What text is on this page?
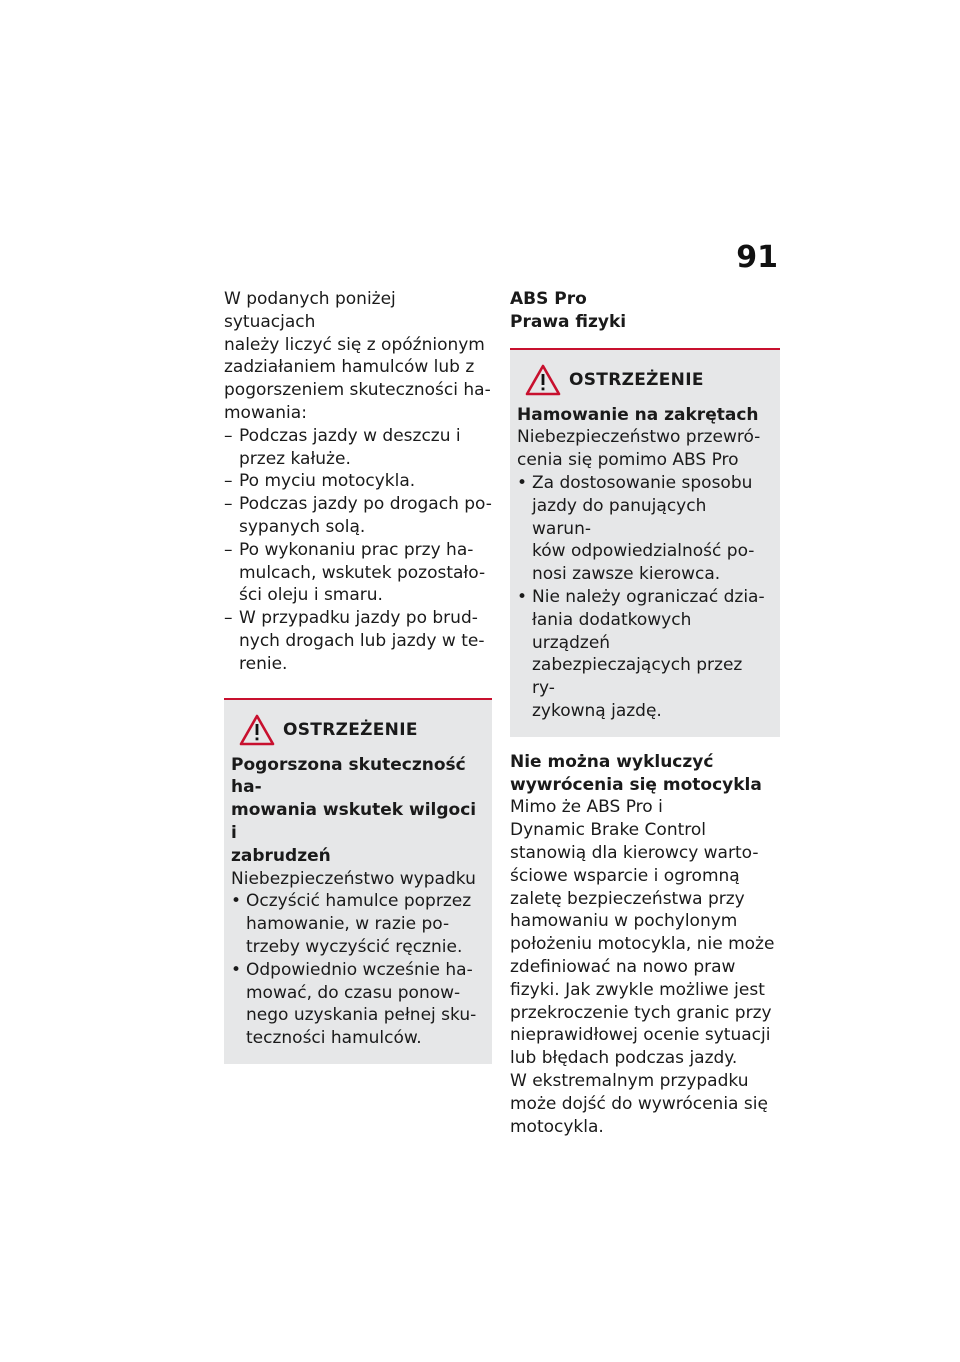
91

W podanych poniżej sytuacjach
należy liczyć się z opóźnionym
zadziałaniem hamulców lub z
pogorszeniem skuteczności ha-
mowania:

– Podczas jazdy w deszczu i
przez kałuże.
– Po myciu motocykla.
– Podczas jazdy po drogach po-
sypanych solą.
– Po wykonaniu prac przy ha-
mulcach, wskutek pozostało-
ści oleju i smaru.
– W przypadku jazdy po brud-
nych drogach lub jazdy w te-
renie.
OSTRZEŻENIE

Pogorszona skuteczność ha-
mowania wskutek wilgoci i
zabrudzeń

Niebezpieczeństwo wypadku

• Oczyścić hamulce poprzez
hamowanie, w razie po-
trzeby wyczyścić ręcznie.
• Odpowiednio wcześnie ha-
mować, do czasu ponow-
nego uzyskania pełnej sku-
teczności hamulców.

ABS Pro
Prawa fizyki

OSTRZEŻENIE

Hamowanie na zakrętach

Niebezpieczeństwo przewró-
cenia się pomimo ABS Pro

• Za dostosowanie sposobu
jazdy do panujących warun-
ków odpowiedzialność po-
nosi zawsze kierowca.
• Nie należy ograniczać dzia-
łania dodatkowych urządzeń
zabezpieczających przez ry-
zykowną jazdę.

Nie można wykluczyć
wywrócenia się motocykla

Mimo że ABS Pro i
Dynamic Brake Control
stanowią dla kierowcy warto-
ściowe wsparcie i ogromną
zaletę bezpieczeństwa przy
hamowaniu w pochylonym
położeniu motocykla, nie może
zdefiniować na nowo praw
fizyki. Jak zwykle możliwe jest
przekroczenie tych granic przy
nieprawidłowej ocenie sytuacji
lub błędach podczas jazdy.
W ekstremalnym przypadku
może dojść do wywrócenia się
motocykla.
